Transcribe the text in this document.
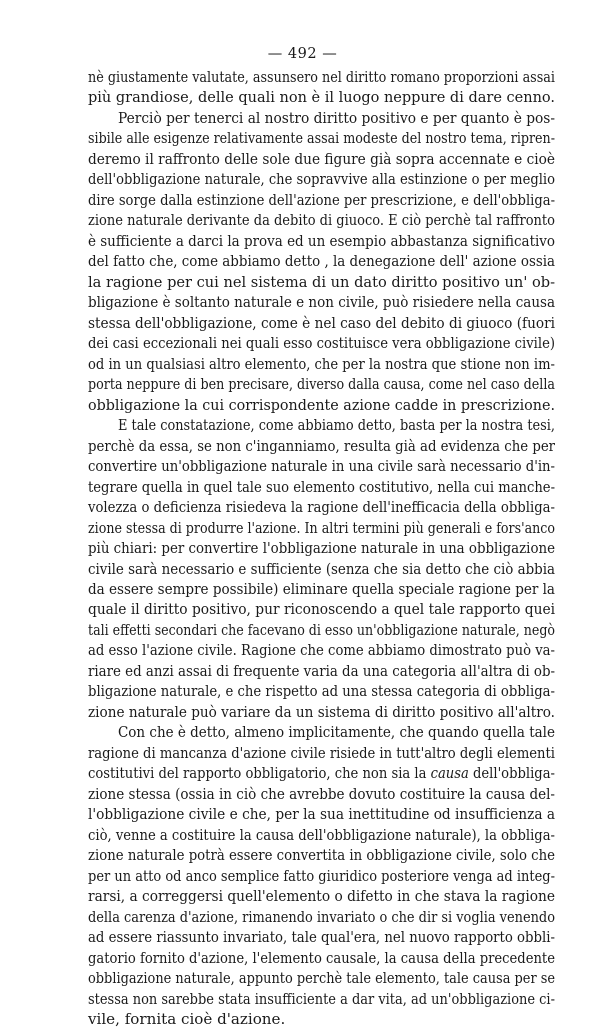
— 492 —
nè giustamente valutate, assunsero nel diritto romano proporzioni assai
più grandiose, delle quali non è il luogo neppure di dare cenno.
Perciò per tenerci al nostro diritto positivo e per quanto è pos-
sibile alle esigenze relativamente assai modeste del nostro tema, ripren-
deremo il raffronto delle sole due figure già sopra accennate e cioè
dell'obbligazione naturale, che sopravvive alla estinzione o per meglio
dire sorge dalla estinzione dell'azione per prescrizione, e dell'obbliga-
zione naturale derivante da debito di giuoco. E ciò perchè tal raffronto
è sufficiente a darci la prova ed un esempio abbastanza significativo
del fatto che, come abbiamo detto , la denegazione dell' azione ossia
la ragione per cui nel sistema di un dato diritto positivo un' ob-
bligazione è soltanto naturale e non civile, può risiedere nella causa
stessa dell'obbligazione, come è nel caso del debito di giuoco (fuori
dei casi eccezionali nei quali esso costituisce vera obbligazione civile)
od in un qualsiasi altro elemento, che per la nostra que stione non im-
porta neppure di ben precisare, diverso dalla causa, come nel caso della
obbligazione la cui corrispondente azione cadde in prescrizione.
E tale constatazione, come abbiamo detto, basta per la nostra tesi,
perchè da essa, se non c'inganniamo, resulta già ad evidenza che per
convertire un'obbligazione naturale in una civile sarà necessario d'in-
tegrare quella in quel tale suo elemento costitutivo, nella cui manche-
volezza o deficienza risiedeva la ragione dell'inefficacia della obbliga-
zione stessa di produrre l'azione. In altri termini più generali e fors'anco
più chiari: per convertire l'obbligazione naturale in una obbligazione
civile sarà necessario e sufficiente (senza che sia detto che ciò abbia
da essere sempre possibile) eliminare quella speciale ragione per la
quale il diritto positivo, pur riconoscendo a quel tale rapporto quei
tali effetti secondari che facevano di esso un'obbligazione naturale, negò
ad esso l'azione civile. Ragione che come abbiamo dimostrato può va-
riare ed anzi assai di frequente varia da una categoria all'altra di ob-
bligazione naturale, e che rispetto ad una stessa categoria di obbliga-
zione naturale può variare da un sistema di diritto positivo all'altro.
Con che è detto, almeno implicitamente, che quando quella tale
ragione di mancanza d'azione civile risiede in tutt'altro degli elementi
costitutivi del rapporto obbligatorio, che non sia la causa dell'obbliga-
zione stessa (ossia in ciò che avrebbe dovuto costituire la causa del-
l'obbligazione civile e che, per la sua inettitudine od insufficienza a
ciò, venne a costituire la causa dell'obbligazione naturale), la obbliga-
zione naturale potrà essere convertita in obbligazione civile, solo che
per un atto od anco semplice fatto giuridico posteriore venga ad integ-
rarsi, a correggersi quell'elemento o difetto in che stava la ragione
della carenza d'azione, rimanendo invariato o che dir si voglia venendo
ad essere riassunto invariato, tale qual'era, nel nuovo rapporto obbli-
gatorio fornito d'azione, l'elemento causale, la causa della precedente
obbligazione naturale, appunto perchè tale elemento, tale causa per se
stessa non sarebbe stata insufficiente a dar vita, ad un'obbligazione ci-
vile, fornita cioè d'azione.
